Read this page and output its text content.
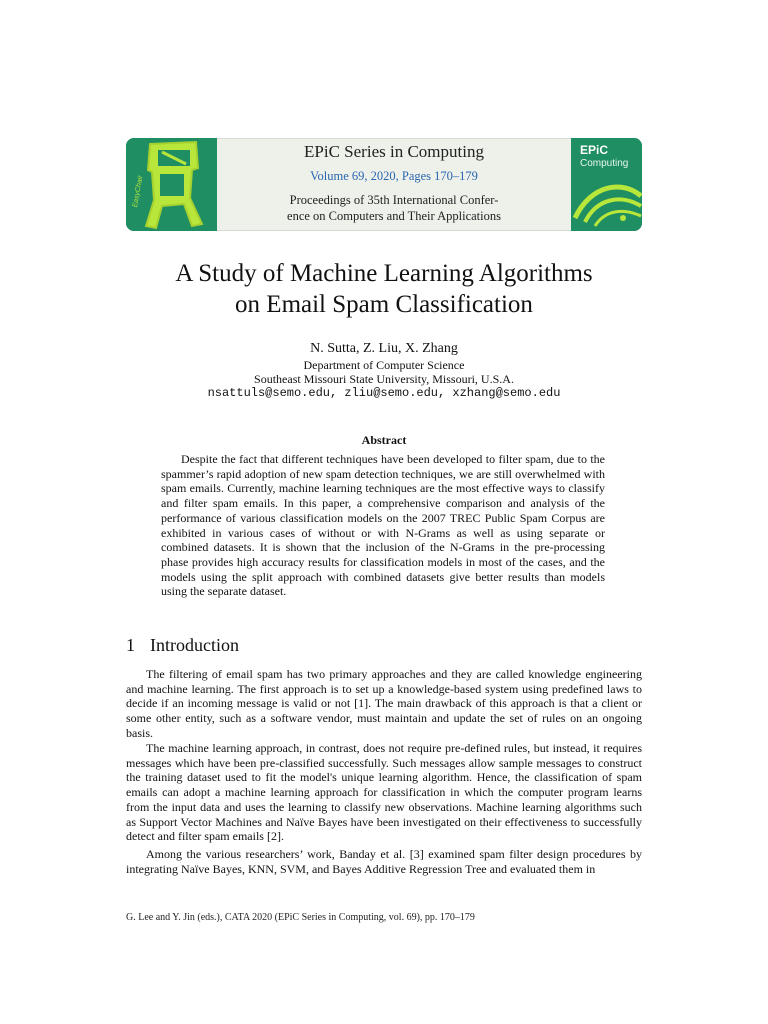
EasyChair
EPiC Series in Computing
Volume 69, 2020, Pages 170–179
Proceedings of 35th International Confer-
ence on Computers and Their Applications
EPiC
Computing
A Study of Machine Learning Algorithms
on Email Spam Classification
N. Sutta, Z. Liu, X. Zhang
Department of Computer Science
Southeast Missouri State University, Missouri, U.S.A.
nsattuls@semo.edu, zliu@semo.edu, xzhang@semo.edu
Abstract
Despite the fact that different techniques have been developed to filter spam, due to the spammer’s rapid adoption of new spam detection techniques, we are still overwhelmed with spam emails. Currently, machine learning techniques are the most effective ways to classify and filter spam emails. In this paper, a comprehensive comparison and analysis of the performance of various classification models on the 2007 TREC Public Spam Corpus are exhibited in various cases of without or with N-Grams as well as using separate or combined datasets. It is shown that the inclusion of the N-Grams in the pre-processing phase provides high accuracy results for classification models in most of the cases, and the models using the split approach with combined datasets give better results than models using the separate dataset.
1 Introduction
The filtering of email spam has two primary approaches and they are called knowledge engineering and machine learning. The first approach is to set up a knowledge-based system using predefined laws to decide if an incoming message is valid or not [1]. The main drawback of this approach is that a client or some other entity, such as a software vendor, must maintain and update the set of rules on an ongoing basis.
The machine learning approach, in contrast, does not require pre-defined rules, but instead, it requires messages which have been pre-classified successfully. Such messages allow sample messages to construct the training dataset used to fit the model's unique learning algorithm. Hence, the classification of spam emails can adopt a machine learning approach for classification in which the computer program learns from the input data and uses the learning to classify new observations. Machine learning algorithms such as Support Vector Machines and Naïve Bayes have been investigated on their effectiveness to successfully detect and filter spam emails [2].
Among the various researchers’ work, Banday et al. [3] examined spam filter design procedures by integrating Naïve Bayes, KNN, SVM, and Bayes Additive Regression Tree and evaluated them in
G. Lee and Y. Jin (eds.), CATA 2020 (EPiC Series in Computing, vol. 69), pp. 170–179
